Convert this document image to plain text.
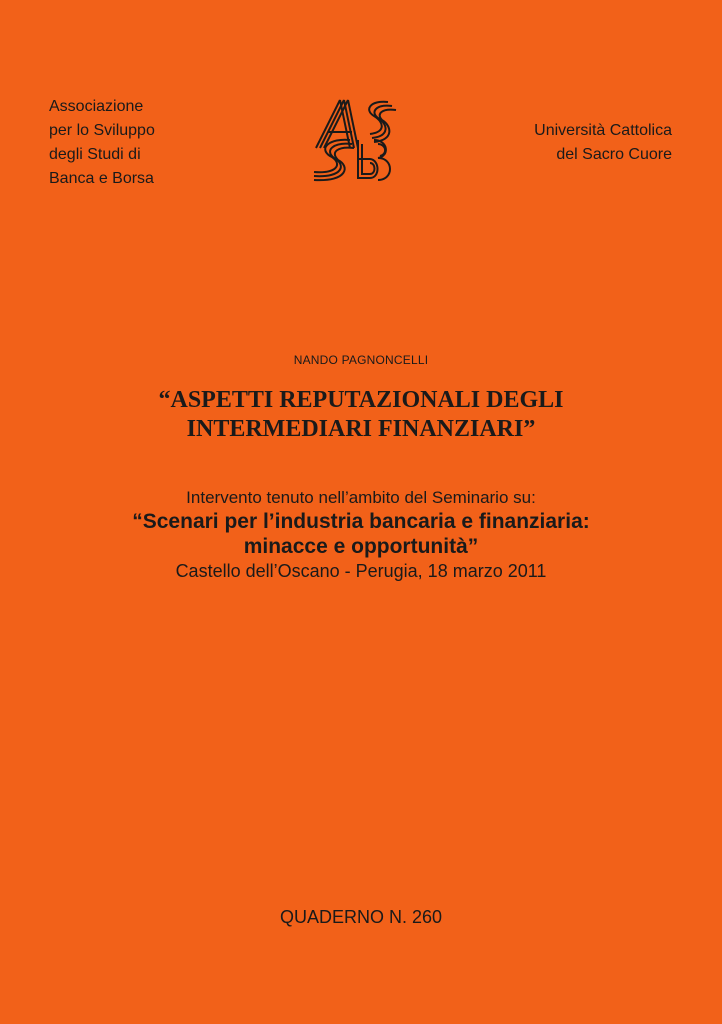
Associazione
per lo Sviluppo
degli Studi di
Banca e Borsa
Università Cattolica
del Sacro Cuore
NANDO PAGNONCELLI
“ASPETTI REPUTAZIONALI DEGLI
INTERMEDIARI FINANZIARI”
Intervento tenuto nell’ambito del Seminario su:
“Scenari per l’industria bancaria e finanziaria:
minacce e opportunità”
Castello dell’Oscano - Perugia, 18 marzo 2011
QUADERNO N. 260
